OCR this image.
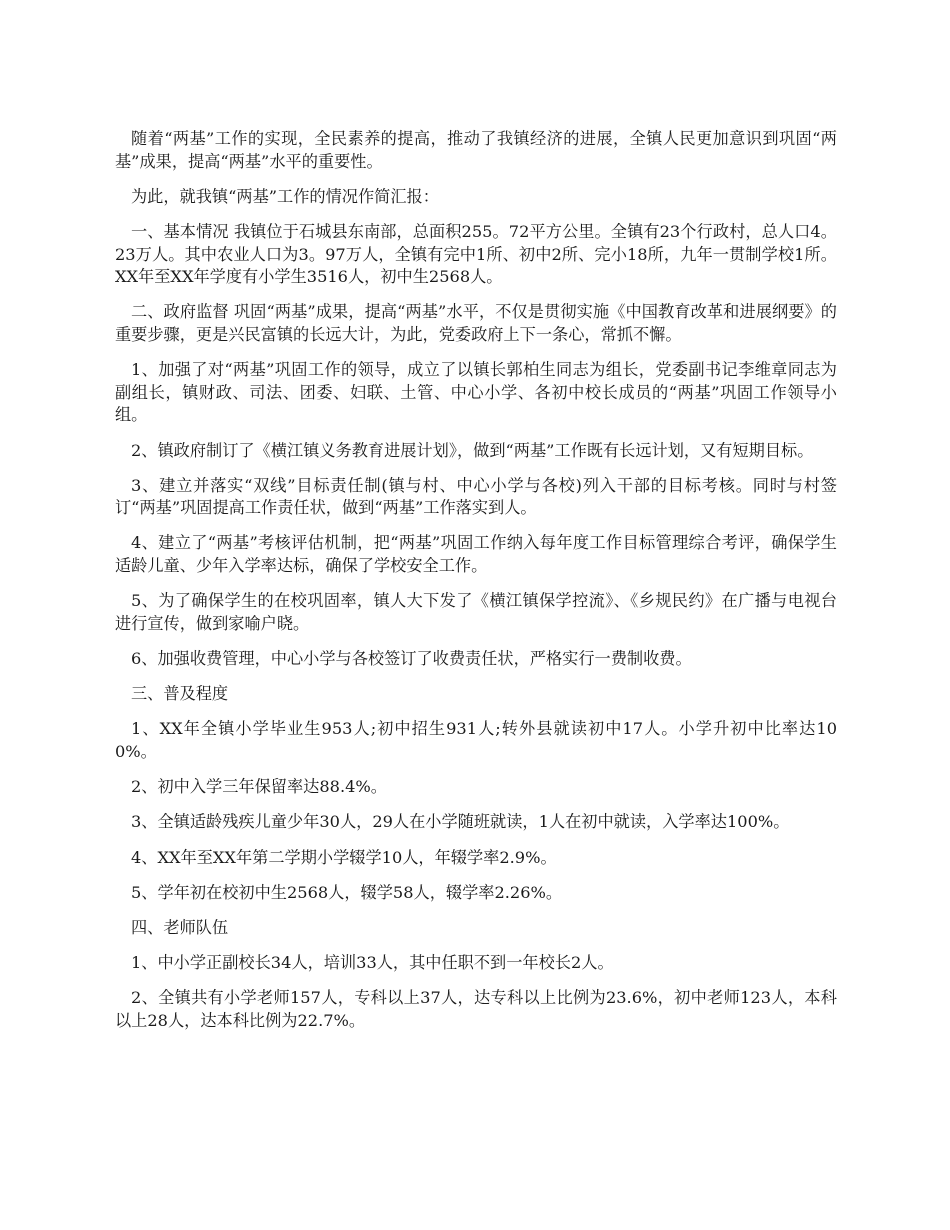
随着“两基”工作的实现，全民素养的提高，推动了我镇经济的进展，全镇人民更加意识到巩固“两基”成果，提高“两基”水平的重要性。

为此，就我镇“两基”工作的情况作简汇报：

一、基本情况 我镇位于石城县东南部，总面积255。72平方公里。全镇有23个行政村，总人口4。23万人。其中农业人口为3。97万人，全镇有完中1所、初中2所、完小18所，九年一贯制学校1所。XX年至XX年学度有小学生3516人，初中生2568人。

二、政府监督 巩固“两基”成果，提高“两基”水平，不仅是贯彻实施《中国教育改革和进展纲要》的重要步骤，更是兴民富镇的长远大计，为此，党委政府上下一条心，常抓不懈。

1、加强了对“两基”巩固工作的领导，成立了以镇长郭柏生同志为组长，党委副书记李维章同志为副组长，镇财政、司法、团委、妇联、土管、中心小学、各初中校长成员的“两基”巩固工作领导小组。

2、镇政府制订了《横江镇义务教育进展计划》，做到“两基”工作既有长远计划，又有短期目标。

3、建立并落实“双线”目标责任制(镇与村、中心小学与各校)列入干部的目标考核。同时与村签订“两基”巩固提高工作责任状，做到“两基”工作落实到人。

4、建立了“两基”考核评估机制，把“两基”巩固工作纳入每年度工作目标管理综合考评，确保学生适龄儿童、少年入学率达标，确保了学校安全工作。

5、为了确保学生的在校巩固率，镇人大下发了《横江镇保学控流》、《乡规民约》在广播与电视台进行宣传，做到家喻户晓。

6、加强收费管理，中心小学与各校签订了收费责任状，严格实行一费制收费。

三、普及程度

1、XX年全镇小学毕业生953人;初中招生931人;转外县就读初中17人。小学升初中比率达100%。

2、初中入学三年保留率达88.4%。

3、全镇适龄残疾儿童少年30人，29人在小学随班就读，1人在初中就读，入学率达100%。

4、XX年至XX年第二学期小学辍学10人，年辍学率2.9%。

5、学年初在校初中生2568人，辍学58人，辍学率2.26%。

四、老师队伍

1、中小学正副校长34人，培训33人，其中任职不到一年校长2人。

2、全镇共有小学老师157人，专科以上37人，达专科以上比例为23.6%，初中老师123人，本科以上28人，达本科比例为22.7%。
